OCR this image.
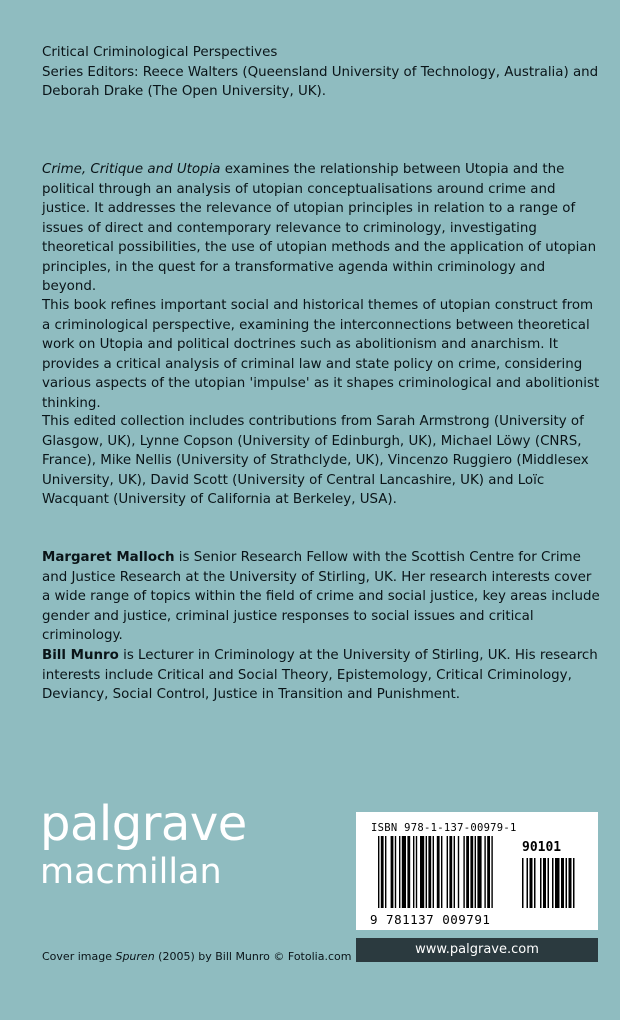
Critical Criminological Perspectives
Series Editors: Reece Walters (Queensland University of Technology, Australia) and
Deborah Drake (The Open University, UK).

Crime, Critique and Utopia examines the relationship between Utopia and the political through an analysis of utopian conceptualisations around crime and justice. It addresses the relevance of utopian principles in relation to a range of issues of direct and contemporary relevance to criminology, investigating theoretical possibilities, the use of utopian methods and the application of utopian principles, in the quest for a transformative agenda within criminology and beyond.

This book refines important social and historical themes of utopian construct from a criminological perspective, examining the interconnections between theoretical work on Utopia and political doctrines such as abolitionism and anarchism. It provides a critical analysis of criminal law and state policy on crime, considering various aspects of the utopian 'impulse' as it shapes criminological and abolitionist thinking.

This edited collection includes contributions from Sarah Armstrong (University of Glasgow, UK), Lynne Copson (University of Edinburgh, UK), Michael Löwy (CNRS, France), Mike Nellis (University of Strathclyde, UK), Vincenzo Ruggiero (Middlesex University, UK), David Scott (University of Central Lancashire, UK) and Loïc Wacquant (University of California at Berkeley, USA).

Margaret Malloch is Senior Research Fellow with the Scottish Centre for Crime and Justice Research at the University of Stirling, UK. Her research interests cover a wide range of topics within the field of crime and social justice, key areas include gender and justice, criminal justice responses to social issues and critical criminology.

Bill Munro is Lecturer in Criminology at the University of Stirling, UK. His research interests include Critical and Social Theory, Epistemology, Critical Criminology, Deviancy, Social Control, Justice in Transition and Punishment.

palgrave
macmillan
ISBN 978-1-137-00979-1
90101
9 781137 009791
www.palgrave.com
Cover image Spuren (2005) by Bill Munro © Fotolia.com
